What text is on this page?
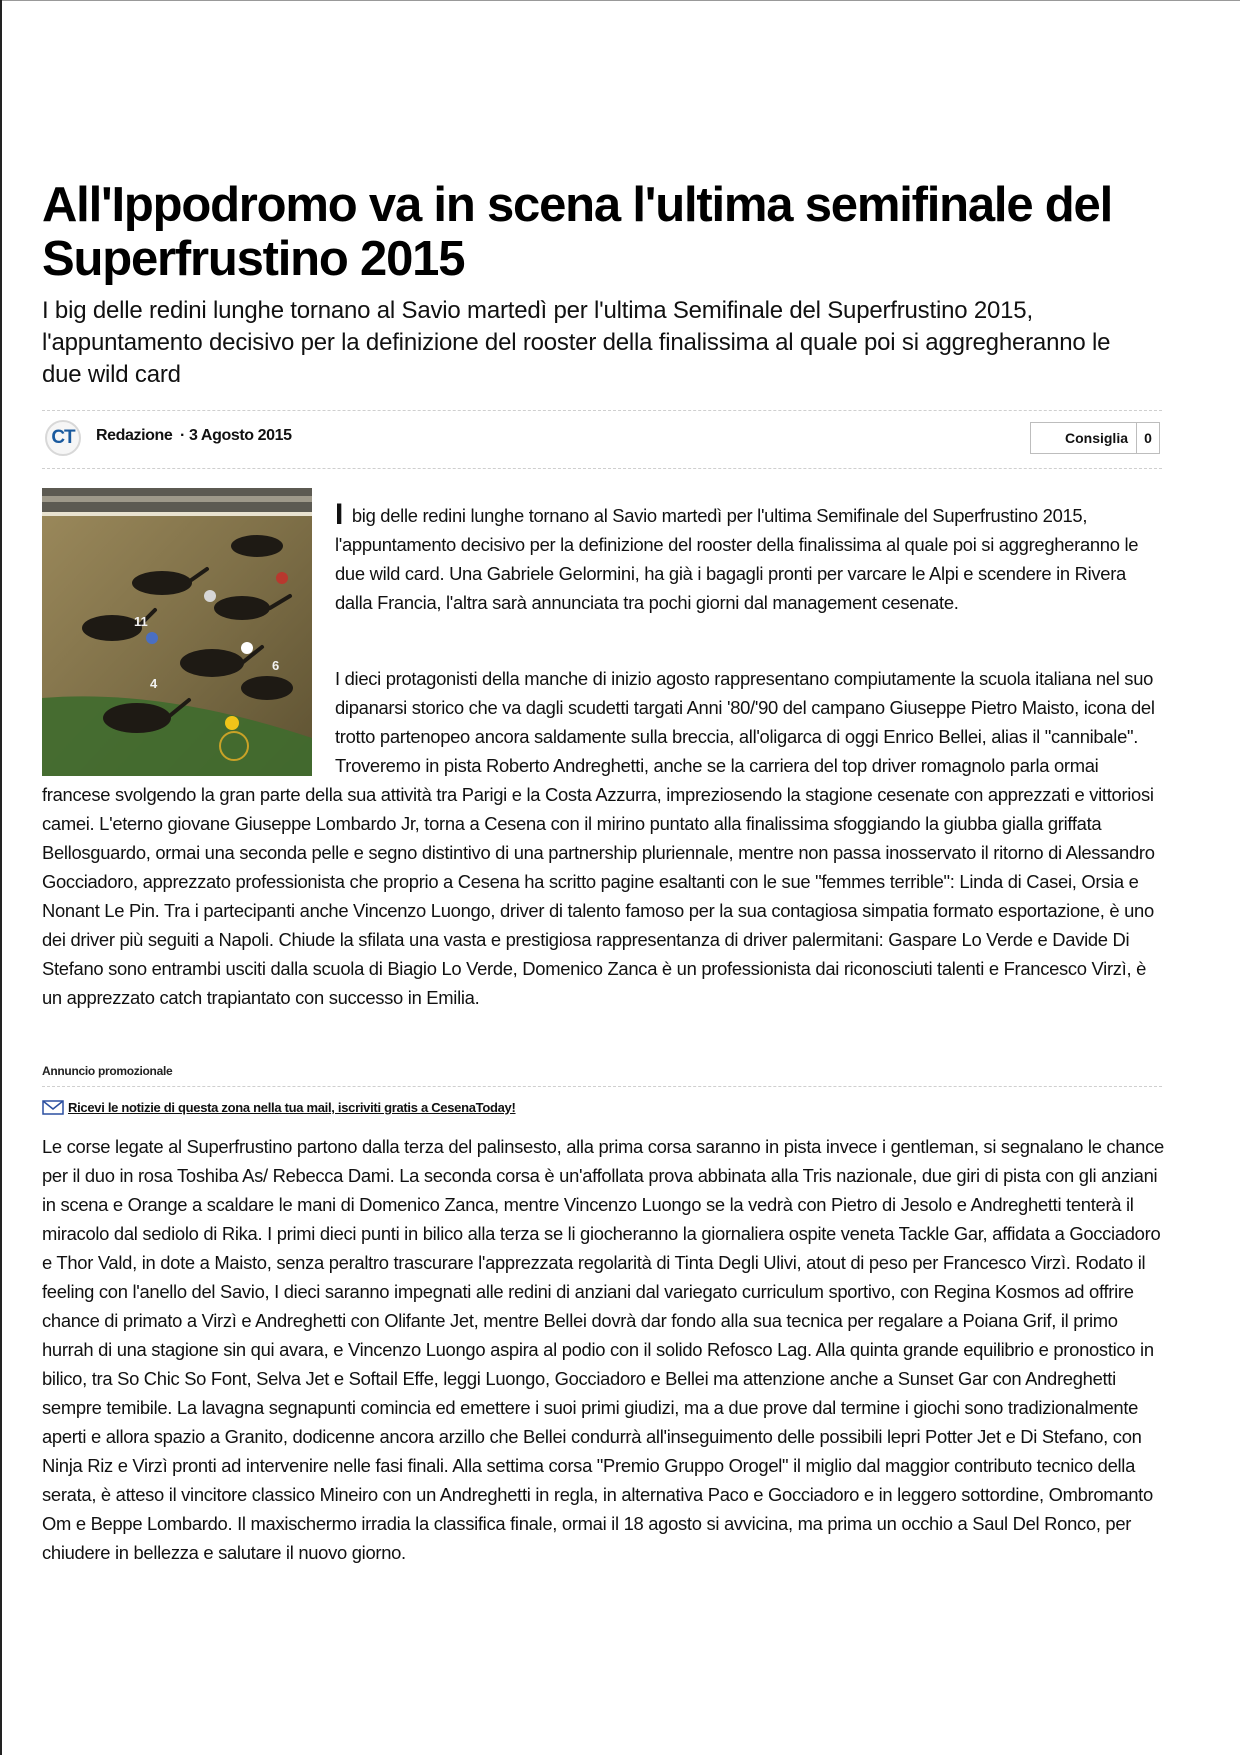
All'Ippodromo va in scena l'ultima semifinale del Superfrustino 2015

I big delle redini lunghe tornano al Savio martedì per l'ultima Semifinale del Superfrustino 2015, l'appuntamento decisivo per la definizione del rooster della finalissima al quale poi si aggregheranno le due wild card

CT	Redazione · 3 Agosto 2015	Consiglia	0
11
4
6

I big delle redini lunghe tornano al Savio martedì per l'ultima Semifinale del Superfrustino 2015, l'appuntamento decisivo per la definizione del rooster della finalissima al quale poi si aggregheranno le due wild card. Una Gabriele Gelormini, ha già i bagagli pronti per varcare le Alpi e scendere in Rivera dalla Francia, l'altra sarà annunciata tra pochi giorni dal management cesenate.

I dieci protagonisti della manche di inizio agosto rappresentano compiutamente la scuola italiana nel suo dipanarsi storico che va dagli scudetti targati Anni '80/'90 del campano Giuseppe Pietro Maisto, icona del trotto partenopeo ancora saldamente sulla breccia, all'oligarca di oggi Enrico Bellei, alias il "cannibale". Troveremo in pista Roberto Andreghetti, anche se la carriera del top driver romagnolo parla ormai francese svolgendo la gran parte della sua attività tra Parigi e la Costa Azzurra, impreziosendo la stagione cesenate con apprezzati e vittoriosi camei. L'eterno giovane Giuseppe Lombardo Jr, torna a Cesena con il mirino puntato alla finalissima sfoggiando la giubba gialla griffata Bellosguardo, ormai una seconda pelle e segno distintivo di una partnership pluriennale, mentre non passa inosservato il ritorno di Alessandro Gocciadoro, apprezzato professionista che proprio a Cesena ha scritto pagine esaltanti con le sue "femmes terrible": Linda di Casei, Orsia e Nonant Le Pin. Tra i partecipanti anche Vincenzo Luongo, driver di talento famoso per la sua contagiosa simpatia formato esportazione, è uno dei driver più seguiti a Napoli. Chiude la sfilata una vasta e prestigiosa rappresentanza di driver palermitani: Gaspare Lo Verde e Davide Di Stefano sono entrambi usciti dalla scuola di Biagio Lo Verde, Domenico Zanca è un professionista dai riconosciuti talenti e Francesco Virzì, è un apprezzato catch trapiantato con successo in Emilia.

Annuncio promozionale
Ricevi le notizie di questa zona nella tua mail, iscriviti gratis a CesenaToday!

Le corse legate al Superfrustino partono dalla terza del palinsesto, alla prima corsa saranno in pista invece i gentleman, si segnalano le chance per il duo in rosa Toshiba As/ Rebecca Dami. La seconda corsa è un'affollata prova abbinata alla Tris nazionale, due giri di pista con gli anziani in scena e Orange a scaldare le mani di Domenico Zanca, mentre Vincenzo Luongo se la vedrà con Pietro di Jesolo e Andreghetti tenterà il miracolo dal sediolo di Rika. I primi dieci punti in bilico alla terza se li giocheranno la giornaliera ospite veneta Tackle Gar, affidata a Gocciadoro e Thor Vald, in dote a Maisto, senza peraltro trascurare l'apprezzata regolarità di Tinta Degli Ulivi, atout di peso per Francesco Virzì. Rodato il feeling con l'anello del Savio, I dieci saranno impegnati alle redini di anziani dal variegato curriculum sportivo, con Regina Kosmos ad offrire chance di primato a Virzì e Andreghetti con Olifante Jet, mentre Bellei dovrà dar fondo alla sua tecnica per regalare a Poiana Grif, il primo hurrah di una stagione sin qui avara, e Vincenzo Luongo aspira al podio con il solido Refosco Lag. Alla quinta grande equilibrio e pronostico in bilico, tra So Chic So Font, Selva Jet e Softail Effe, leggi Luongo, Gocciadoro e Bellei ma attenzione anche a Sunset Gar con Andreghetti sempre temibile. La lavagna segnapunti comincia ed emettere i suoi primi giudizi, ma a due prove dal termine i giochi sono tradizionalmente aperti e allora spazio a Granito, dodicenne ancora arzillo che Bellei condurrà all'inseguimento delle possibili lepri Potter Jet e Di Stefano, con Ninja Riz e Virzì pronti ad intervenire nelle fasi finali. Alla settima corsa "Premio Gruppo Orogel" il miglio dal maggior contributo tecnico della serata, è atteso il vincitore classico Mineiro con un Andreghetti in regla, in alternativa Paco e Gocciadoro e in leggero sottordine, Ombromanto Om e Beppe Lombardo. Il maxischermo irradia la classifica finale, ormai il 18 agosto si avvicina, ma prima un occhio a Saul Del Ronco, per chiudere in bellezza e salutare il nuovo giorno.
